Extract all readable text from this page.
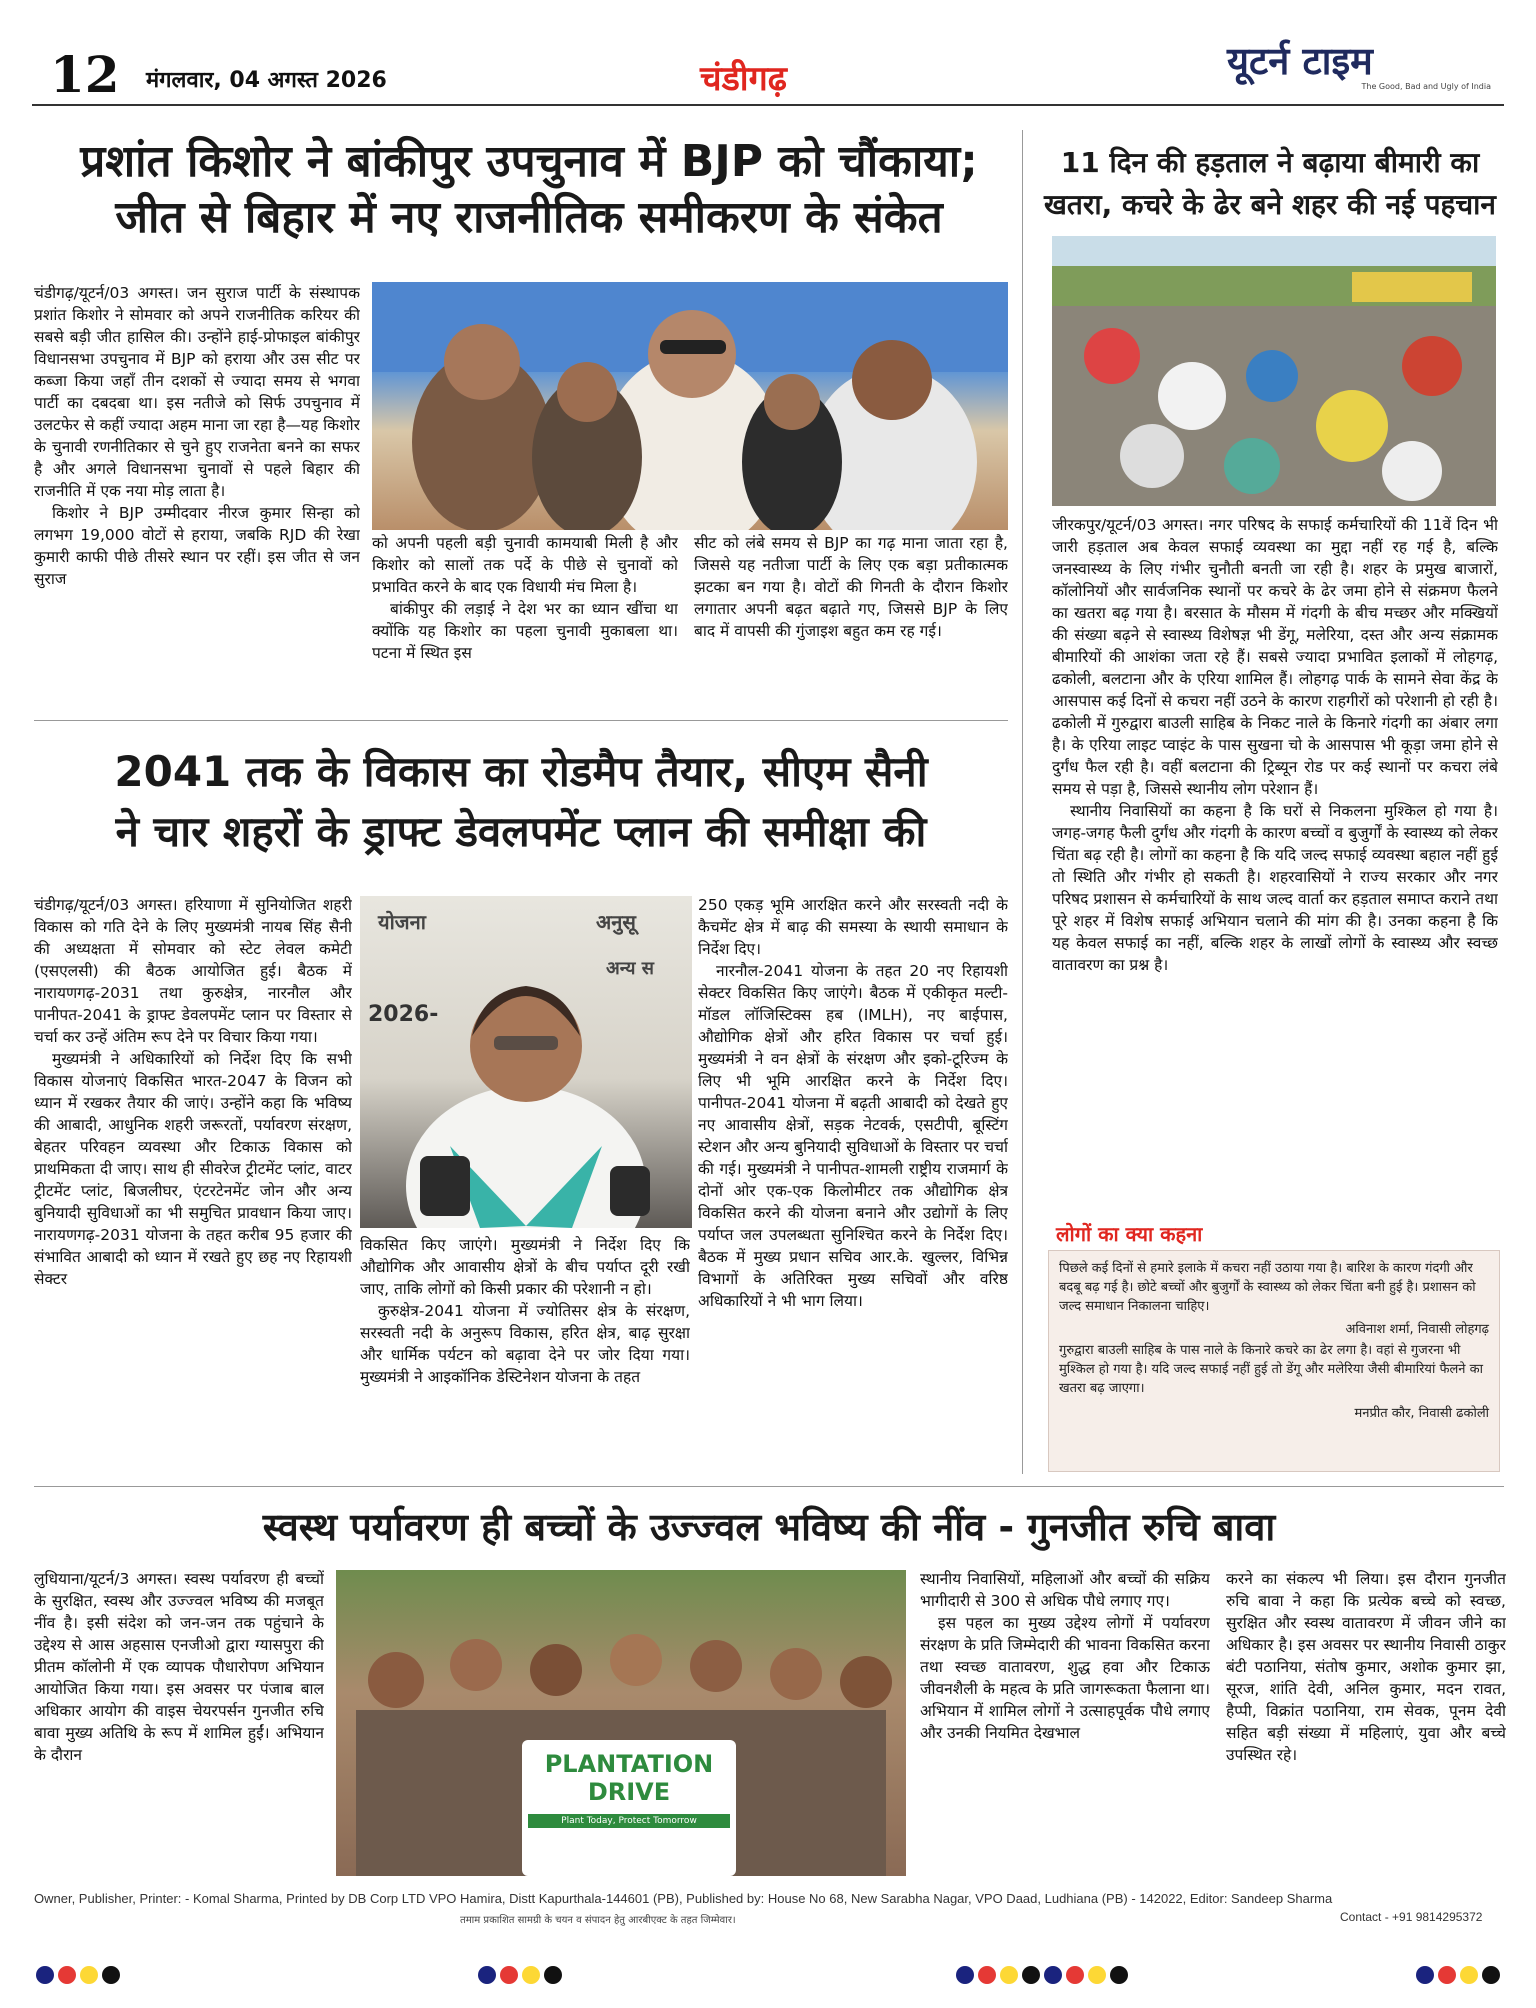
12 मंगलवार, 04 अगस्त 2026	चंडीगढ़	यूटर्न टाइम
The Good, Bad and Ugly of India
प्रशांत किशोर ने बांकीपुर उपचुनाव में BJP को चौंकाया;
जीत से बिहार में नए राजनीतिक समीकरण के संकेत

चंडीगढ़/यूटर्न/03 अगस्त। जन सुराज पार्टी के संस्थापक प्रशांत किशोर ने सोमवार को अपने राजनीतिक करियर की सबसे बड़ी जीत हासिल की। उन्होंने हाई-प्रोफाइल बांकीपुर विधानसभा उपचुनाव में BJP को हराया और उस सीट पर कब्जा किया जहाँ तीन दशकों से ज्यादा समय से भगवा पार्टी का दबदबा था। इस नतीजे को सिर्फ उपचुनाव में उलटफेर से कहीं ज्यादा अहम माना जा रहा है—यह किशोर के चुनावी रणनीतिकार से चुने हुए राजनेता बनने का सफर है और अगले विधानसभा चुनावों से पहले बिहार की राजनीति में एक नया मोड़ लाता है।

किशोर ने BJP उम्मीदवार नीरज कुमार सिन्हा को लगभग 19,000 वोटों से हराया, जबकि RJD की रेखा कुमारी काफी पीछे तीसरे स्थान पर रहीं। इस जीत से जन सुराज

को अपनी पहली बड़ी चुनावी कामयाबी मिली है और किशोर को सालों तक पर्दे के पीछे से चुनावों को प्रभावित करने के बाद एक विधायी मंच मिला है।

बांकीपुर की लड़ाई ने देश भर का ध्यान खींचा था क्योंकि यह किशोर का पहला चुनावी मुकाबला था। पटना में स्थित इस

सीट को लंबे समय से BJP का गढ़ माना जाता रहा है, जिससे यह नतीजा पार्टी के लिए एक बड़ा प्रतीकात्मक झटका बन गया है। वोटों की गिनती के दौरान किशोर लगातार अपनी बढ़त बढ़ाते गए, जिससे BJP के लिए बाद में वापसी की गुंजाइश बहुत कम रह गई।

2041 तक के विकास का रोडमैप तैयार, सीएम सैनी
ने चार शहरों के ड्राफ्ट डेवलपमेंट प्लान की समीक्षा की

चंडीगढ़/यूटर्न/03 अगस्त। हरियाणा में सुनियोजित शहरी विकास को गति देने के लिए मुख्यमंत्री नायब सिंह सैनी की अध्यक्षता में सोमवार को स्टेट लेवल कमेटी (एसएलसी) की बैठक आयोजित हुई। बैठक में नारायणगढ़-2031 तथा कुरुक्षेत्र, नारनौल और पानीपत-2041 के ड्राफ्ट डेवलपमेंट प्लान पर विस्तार से चर्चा कर उन्हें अंतिम रूप देने पर विचार किया गया।

मुख्यमंत्री ने अधिकारियों को निर्देश दिए कि सभी विकास योजनाएं विकसित भारत-2047 के विजन को ध्यान में रखकर तैयार की जाएं। उन्होंने कहा कि भविष्य की आबादी, आधुनिक शहरी जरूरतों, पर्यावरण संरक्षण, बेहतर परिवहन व्यवस्था और टिकाऊ विकास को प्राथमिकता दी जाए। साथ ही सीवरेज ट्रीटमेंट प्लांट, वाटर ट्रीटमेंट प्लांट, बिजलीघर, एंटरटेनमेंट जोन और अन्य बुनियादी सुविधाओं का भी समुचित प्रावधान किया जाए। नारायणगढ़-2031 योजना के तहत करीब 95 हजार की संभावित आबादी को ध्यान में रखते हुए छह नए रिहायशी सेक्टर

योजना	अनुसू
2026-
अन्य स

विकसित किए जाएंगे। मुख्यमंत्री ने निर्देश दिए कि औद्योगिक और आवासीय क्षेत्रों के बीच पर्याप्त दूरी रखी जाए, ताकि लोगों को किसी प्रकार की परेशानी न हो।

कुरुक्षेत्र-2041 योजना में ज्योतिसर क्षेत्र के संरक्षण, सरस्वती नदी के अनुरूप विकास, हरित क्षेत्र, बाढ़ सुरक्षा और धार्मिक पर्यटन को बढ़ावा देने पर जोर दिया गया। मुख्यमंत्री ने आइकॉनिक डेस्टिनेशन योजना के तहत

250 एकड़ भूमि आरक्षित करने और सरस्वती नदी के कैचमेंट क्षेत्र में बाढ़ की समस्या के स्थायी समाधान के निर्देश दिए।

नारनौल-2041 योजना के तहत 20 नए रिहायशी सेक्टर विकसित किए जाएंगे। बैठक में एकीकृत मल्टी-मॉडल लॉजिस्टिक्स हब (IMLH), नए बाईपास, औद्योगिक क्षेत्रों और हरित विकास पर चर्चा हुई। मुख्यमंत्री ने वन क्षेत्रों के संरक्षण और इको-टूरिज्म के लिए भी भूमि आरक्षित करने के निर्देश दिए। पानीपत-2041 योजना में बढ़ती आबादी को देखते हुए नए आवासीय क्षेत्रों, सड़क नेटवर्क, एसटीपी, बूस्टिंग स्टेशन और अन्य बुनियादी सुविधाओं के विस्तार पर चर्चा की गई। मुख्यमंत्री ने पानीपत-शामली राष्ट्रीय राजमार्ग के दोनों ओर एक-एक किलोमीटर तक औद्योगिक क्षेत्र विकसित करने की योजना बनाने और उद्योगों के लिए पर्याप्त जल उपलब्धता सुनिश्चित करने के निर्देश दिए। बैठक में मुख्य प्रधान सचिव आर.के. खुल्लर, विभिन्न विभागों के अतिरिक्त मुख्य सचिवों और वरिष्ठ अधिकारियों ने भी भाग लिया।

11 दिन की हड़ताल ने बढ़ाया बीमारी का
खतरा, कचरे के ढेर बने शहर की नई पहचान

जीरकपुर/यूटर्न/03 अगस्त। नगर परिषद के सफाई कर्मचारियों की 11वें दिन भी जारी हड़ताल अब केवल सफाई व्यवस्था का मुद्दा नहीं रह गई है, बल्कि जनस्वास्थ्य के लिए गंभीर चुनौती बनती जा रही है। शहर के प्रमुख बाजारों, कॉलोनियों और सार्वजनिक स्थानों पर कचरे के ढेर जमा होने से संक्रमण फैलने का खतरा बढ़ गया है। बरसात के मौसम में गंदगी के बीच मच्छर और मक्खियों की संख्या बढ़ने से स्वास्थ्य विशेषज्ञ भी डेंगू, मलेरिया, दस्त और अन्य संक्रामक बीमारियों की आशंका जता रहे हैं। सबसे ज्यादा प्रभावित इलाकों में लोहगढ़, ढकोली, बलटाना और के एरिया शामिल हैं। लोहगढ़ पार्क के सामने सेवा केंद्र के आसपास कई दिनों से कचरा नहीं उठने के कारण राहगीरों को परेशानी हो रही है। ढकोली में गुरुद्वारा बाउली साहिब के निकट नाले के किनारे गंदगी का अंबार लगा है। के एरिया लाइट प्वाइंट के पास सुखना चो के आसपास भी कूड़ा जमा होने से दुर्गंध फैल रही है। वहीं बलटाना की ट्रिब्यून रोड पर कई स्थानों पर कचरा लंबे समय से पड़ा है, जिससे स्थानीय लोग परेशान हैं।

स्थानीय निवासियों का कहना है कि घरों से निकलना मुश्किल हो गया है। जगह-जगह फैली दुर्गंध और गंदगी के कारण बच्चों व बुजुर्गों के स्वास्थ्य को लेकर चिंता बढ़ रही है। लोगों का कहना है कि यदि जल्द सफाई व्यवस्था बहाल नहीं हुई तो स्थिति और गंभीर हो सकती है। शहरवासियों ने राज्य सरकार और नगर परिषद प्रशासन से कर्मचारियों के साथ जल्द वार्ता कर हड़ताल समाप्त कराने तथा पूरे शहर में विशेष सफाई अभियान चलाने की मांग की है। उनका कहना है कि यह केवल सफाई का नहीं, बल्कि शहर के लाखों लोगों के स्वास्थ्य और स्वच्छ वातावरण का प्रश्न है।

लोगों का क्या कहना
पिछले कई दिनों से हमारे इलाके में कचरा नहीं उठाया गया है। बारिश के कारण गंदगी और बदबू बढ़ गई है। छोटे बच्चों और बुजुर्गों के स्वास्थ्य को लेकर चिंता बनी हुई है। प्रशासन को जल्द समाधान निकालना चाहिए।
अविनाश शर्मा, निवासी लोहगढ़
गुरुद्वारा बाउली साहिब के पास नाले के किनारे कचरे का ढेर लगा है। वहां से गुजरना भी मुश्किल हो गया है। यदि जल्द सफाई नहीं हुई तो डेंगू और मलेरिया जैसी बीमारियां फैलने का खतरा बढ़ जाएगा।
मनप्रीत कौर, निवासी ढकोली
स्वस्थ पर्यावरण ही बच्चों के उज्ज्वल भविष्य की नींव - गुनजीत रुचि बावा

लुधियाना/यूटर्न/3 अगस्त। स्वस्थ पर्यावरण ही बच्चों के सुरक्षित, स्वस्थ और उज्ज्वल भविष्य की मजबूत नींव है। इसी संदेश को जन-जन तक पहुंचाने के उद्देश्य से आस अहसास एनजीओ द्वारा ग्यासपुरा की प्रीतम कॉलोनी में एक व्यापक पौधारोपण अभियान आयोजित किया गया। इस अवसर पर पंजाब बाल अधिकार आयोग की वाइस चेयरपर्सन गुनजीत रुचि बावा मुख्य अतिथि के रूप में शामिल हुईं। अभियान के दौरान	PLANTATION
DRIVE
Plant Today, Protect Tomorrow

स्थानीय निवासियों, महिलाओं और बच्चों की सक्रिय भागीदारी से 300 से अधिक पौधे लगाए गए।

इस पहल का मुख्य उद्देश्य लोगों में पर्यावरण संरक्षण के प्रति जिम्मेदारी की भावना विकसित करना तथा स्वच्छ वातावरण, शुद्ध हवा और टिकाऊ जीवनशैली के महत्व के प्रति जागरूकता फैलाना था। अभियान में शामिल लोगों ने उत्साहपूर्वक पौधे लगाए और उनकी नियमित देखभाल

करने का संकल्प भी लिया। इस दौरान गुनजीत रुचि बावा ने कहा कि प्रत्येक बच्चे को स्वच्छ, सुरक्षित और स्वस्थ वातावरण में जीवन जीने का अधिकार है। इस अवसर पर स्थानीय निवासी ठाकुर बंटी पठानिया, संतोष कुमार, अशोक कुमार झा, सूरज, शांति देवी, अनिल कुमार, मदन रावत, हैप्पी, विक्रांत पठानिया, राम सेवक, पूनम देवी सहित बड़ी संख्या में महिलाएं, युवा और बच्चे उपस्थित रहे।

Owner, Publisher, Printer: - Komal Sharma, Printed by DB Corp LTD VPO Hamira, Distt Kapurthala-144601 (PB), Published by: House No 68, New Sarabha Nagar, VPO Daad, Ludhiana (PB) - 142022, Editor: Sandeep Sharma
तमाम प्रकाशित सामग्री के चयन व संपादन हेतु आरबीएक्ट के तहत जिम्मेवार।	Contact - +91 9814295372
